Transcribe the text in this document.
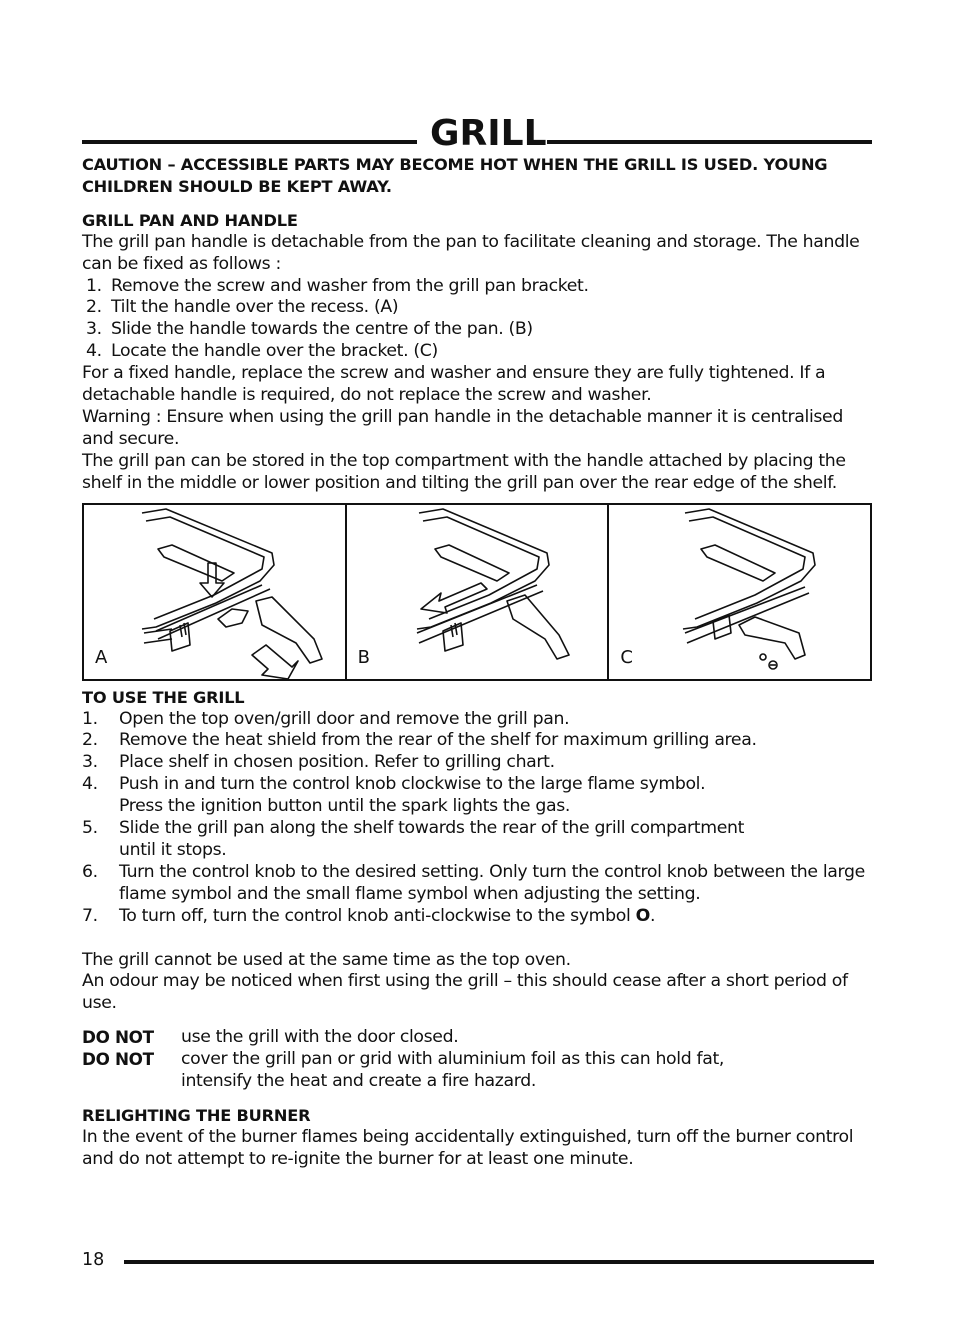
GRILL

CAUTION – ACCESSIBLE PARTS MAY BECOME HOT WHEN THE GRILL IS USED. YOUNG CHILDREN SHOULD BE KEPT AWAY.

GRILL PAN AND HANDLE

The grill pan handle is detachable from the pan to facilitate cleaning and storage. The handle can be fixed as follows :

1. Remove the screw and washer from the grill pan bracket.
2. Tilt the handle over the recess. (A)
3. Slide the handle towards the centre of the pan. (B)
4. Locate the handle over the bracket. (C)

For a fixed handle, replace the screw and washer and ensure they are fully tightened. If a detachable handle is required, do not replace the screw and washer.

Warning : Ensure when using the grill pan handle in the detachable manner it is centralised and secure.

The grill pan can be stored in the top compartment with the handle attached by placing the shelf in the middle or lower position and tilting the grill pan over the rear edge of the shelf.

A	B	C

TO USE THE GRILL

1.	Open the top oven/grill door and remove the grill pan.
2.	Remove the heat shield from the rear of the shelf for maximum grilling area.
3.	Place shelf in chosen position. Refer to grilling chart.
4.	Push in and turn the control knob clockwise to the large flame symbol.
Press the ignition button until the spark lights the gas.
5.	Slide the grill pan along the shelf towards the rear of the grill compartment
until it stops.
6.	Turn the control knob to the desired setting. Only turn the control knob between the large flame symbol and the small flame symbol when adjusting the setting.
7.	To turn off, turn the control knob anti-clockwise to the symbol O.

The grill cannot be used at the same time as the top oven.

An odour may be noticed when first using the grill – this should cease after a short period of use.

DO NOT	use the grill with the door closed.
DO NOT	cover the grill pan or grid with aluminium foil as this can hold fat, intensify the heat and create a fire hazard.

RELIGHTING THE BURNER

In the event of the burner flames being accidentally extinguished, turn off the burner control and do not attempt to re-ignite the burner for at least one minute.

18
